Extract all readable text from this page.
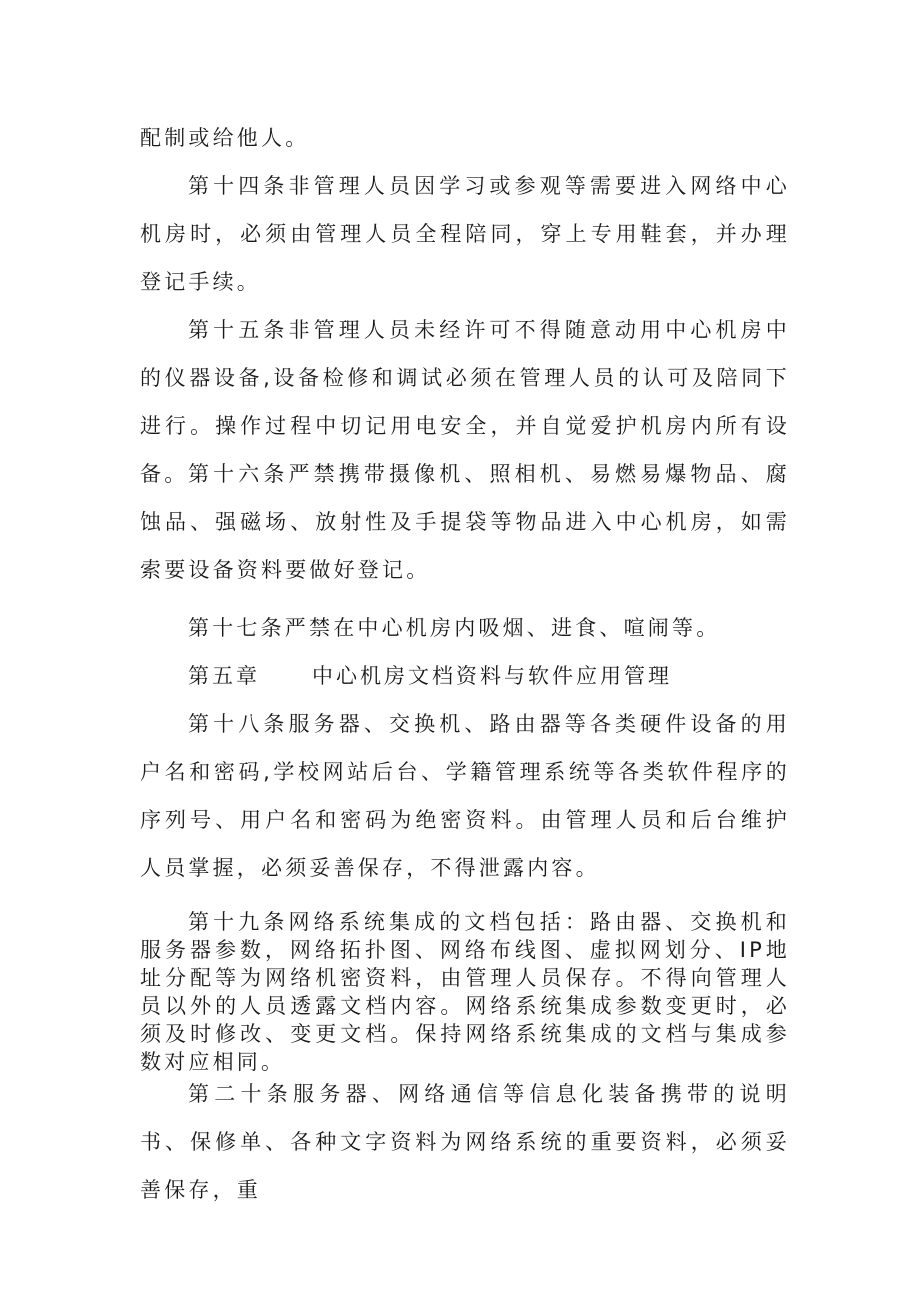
配制或给他人。

第十四条非管理人员因学习或参观等需要进入网络中心机房时，必须由管理人员全程陪同，穿上专用鞋套，并办理登记手续。

第十五条非管理人员未经许可不得随意动用中心机房中的仪器设备,设备检修和调试必须在管理人员的认可及陪同下进行。操作过程中切记用电安全，并自觉爱护机房内所有设备。 第十六条严禁携带摄像机、照相机、易燃易爆物品、腐蚀品、强磁场、放射性及手提袋等物品进入中心机房，如需索要设备资料要做好登记。

第十七条严禁在中心机房内吸烟、进食、喧闹等。

第五章 中心机房文档资料与软件应用管理

第十八条服务器、交换机、路由器等各类硬件设备的用户名和密码,学校网站后台、学籍管理系统等各类软件程序的序列号、用户名和密码为绝密资料。由管理人员和后台维护人员掌握，必须妥善保存，不得泄露内容。

第十九条网络系统集成的文档包括：路由器、交换机和服务器参数，网络拓扑图、网络布线图、虚拟网划分、IP地址分配等为网络机密资料，由管理人员保存。不得向管理人员以外的人员透露文档内容。网络系统集成参数变更时，必须及时修改、变更文档。保持网络系统集成的文档与集成参数对应相同。

第二十条服务器、网络通信等信息化装备携带的说明书、保修单、各种文字资料为网络系统的重要资料，必须妥善保存，重
